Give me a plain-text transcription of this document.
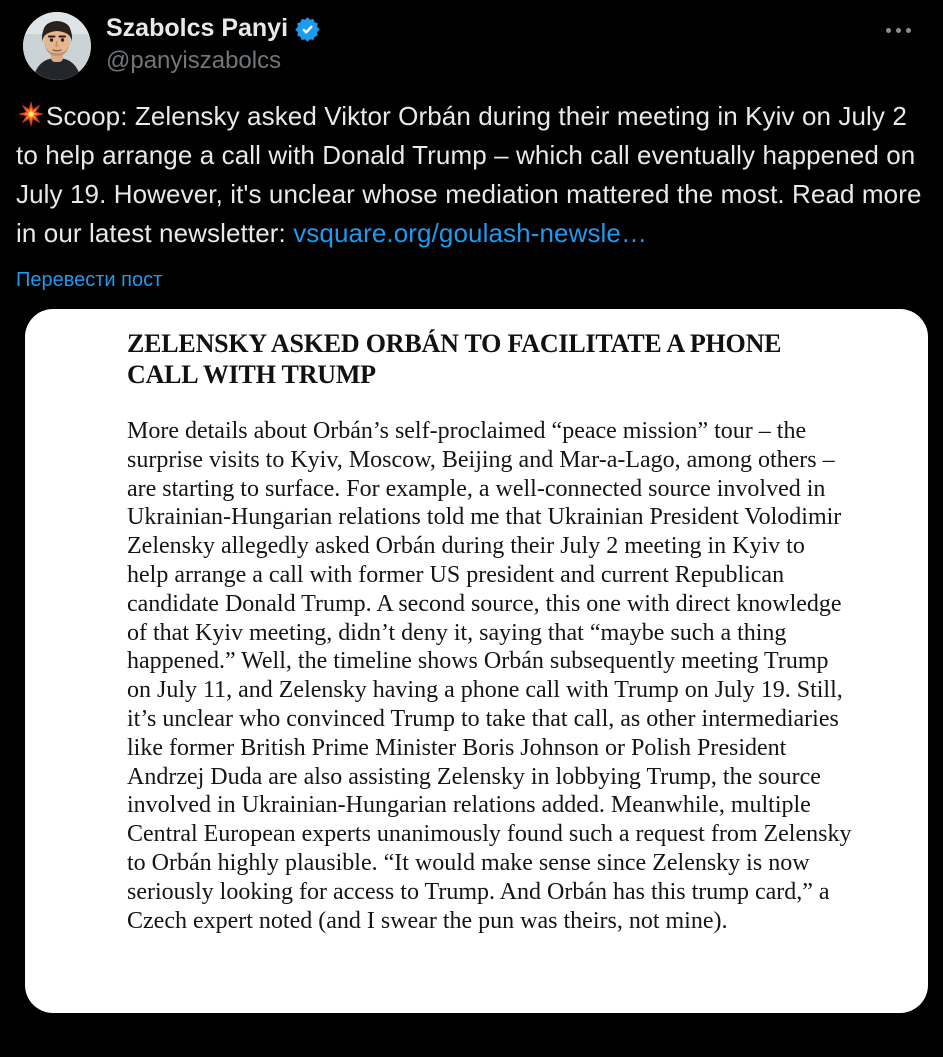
Szabolcs Panyi
@panyiszabolcs
Scoop: Zelensky asked Viktor Orbán during their meeting in Kyiv on July 2 to help arrange a call with Donald Trump – which call eventually happened on July 19. However, it's unclear whose mediation mattered the most. Read more in our latest newsletter: vsquare.org/goulash-newsle…
Перевести пост
ZELENSKY ASKED ORBÁN TO FACILITATE A PHONE CALL WITH TRUMP
More details about Orbán’s self-proclaimed “peace mission” tour – the surprise visits to Kyiv, Moscow, Beijing and Mar-a-Lago, among others – are starting to surface. For example, a well-connected source involved in Ukrainian-Hungarian relations told me that Ukrainian President Volodimir Zelensky allegedly asked Orbán during their July 2 meeting in Kyiv to help arrange a call with former US president and current Republican candidate Donald Trump. A second source, this one with direct knowledge of that Kyiv meeting, didn’t deny it, saying that “maybe such a thing happened.” Well, the timeline shows Orbán subsequently meeting Trump on July 11, and Zelensky having a phone call with Trump on July 19. Still, it’s unclear who convinced Trump to take that call, as other intermediaries like former British Prime Minister Boris Johnson or Polish President Andrzej Duda are also assisting Zelensky in lobbying Trump, the source involved in Ukrainian-Hungarian relations added. Meanwhile, multiple Central European experts unanimously found such a request from Zelensky to Orbán highly plausible. “It would make sense since Zelensky is now seriously looking for access to Trump. And Orbán has this trump card,” a Czech expert noted (and I swear the pun was theirs, not mine).
